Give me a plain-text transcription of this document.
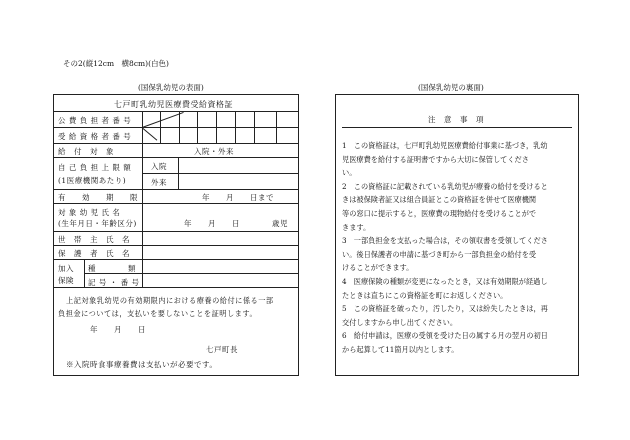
その2(縦12cm　横8cm)(白色)
(国保乳幼児の表面)
七戸町乳幼児医療費受給資格証
公 費 負 担 者 番 号
受 給 資 格 者 番 号
給　付　対　象	入院・外来
自 己 負 担 上 限 額
(1医療機関あたり)
入院
外来
有　　効　　期　　限	年　　月　　日まで
対 象 幼 児 氏 名
(生年月日・年齢区分)	年　　月　　日　　　　歳児
世　帯　主　氏　名
保　護　者　氏　名
加入
保険
種　　　　類
記 号 ・ 番 号
上記対象乳幼児の有効期限内における療養の給付に係る一部
負担金については，支払いを要しないことを証明します。
年　　月　　日
七戸町長
※入院時食事療養費は支払いが必要です。
(国保乳幼児の裏面)
注　意　事　項
1　この資格証は，七戸町乳幼児医療費給付事業に基づき，乳幼
児医療費を給付する証明書ですから大切に保管してくださ
い。
2　この資格証に記載されている乳幼児が療養の給付を受けると
きは被保険者証又は組合員証とこの資格証を併せて医療機関
等の窓口に提示すると，医療費の現物給付を受けることがで
きます。
3　一部負担金を支払った場合は，その領収書を受領してくださ
い。後日保護者の申請に基づき町から一部負担金の給付を受
けることができます。
4　医療保険の種類が変更になったとき，又は有効期限が経過し
たときは直ちにこの資格証を町にお返しください。
5　この資格証を破ったり，汚したり，又は紛失したときは，再
交付しますから申し出てください。
6　給付申請は，医療の受領を受けた日の属する月の翌月の初日
から起算して11箇月以内とします。
